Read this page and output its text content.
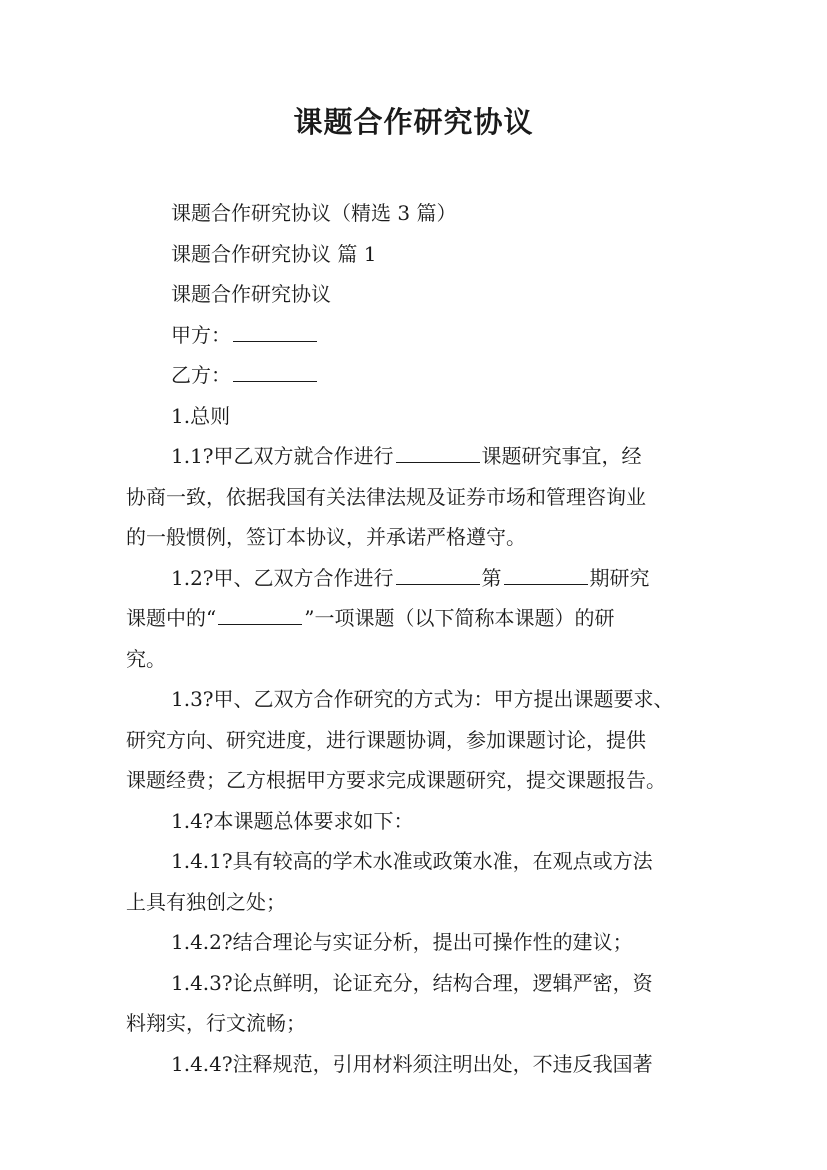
课题合作研究协议
课题合作研究协议（精选 3 篇）
课题合作研究协议 篇 1
课题合作研究协议
甲方：
乙方：
1.总则
1.1?甲乙双方就合作进行	课题研究事宜，经
协商一致，依据我国有关法律法规及证券市场和管理咨询业
的一般惯例，签订本协议，并承诺严格遵守。
1.2?甲、乙双方合作进行	第	期研究
课题中的“	”一项课题（以下简称本课题）的研
究。
1.3?甲、乙双方合作研究的方式为：甲方提出课题要求、
研究方向、研究进度，进行课题协调，参加课题讨论，提供
课题经费；乙方根据甲方要求完成课题研究，提交课题报告。
1.4?本课题总体要求如下：
1.4.1?具有较高的学术水准或政策水准，在观点或方法
上具有独创之处；
1.4.2?结合理论与实证分析，提出可操作性的建议；
1.4.3?论点鲜明，论证充分，结构合理，逻辑严密，资
料翔实，行文流畅；
1.4.4?注释规范，引用材料须注明出处，不违反我国著
